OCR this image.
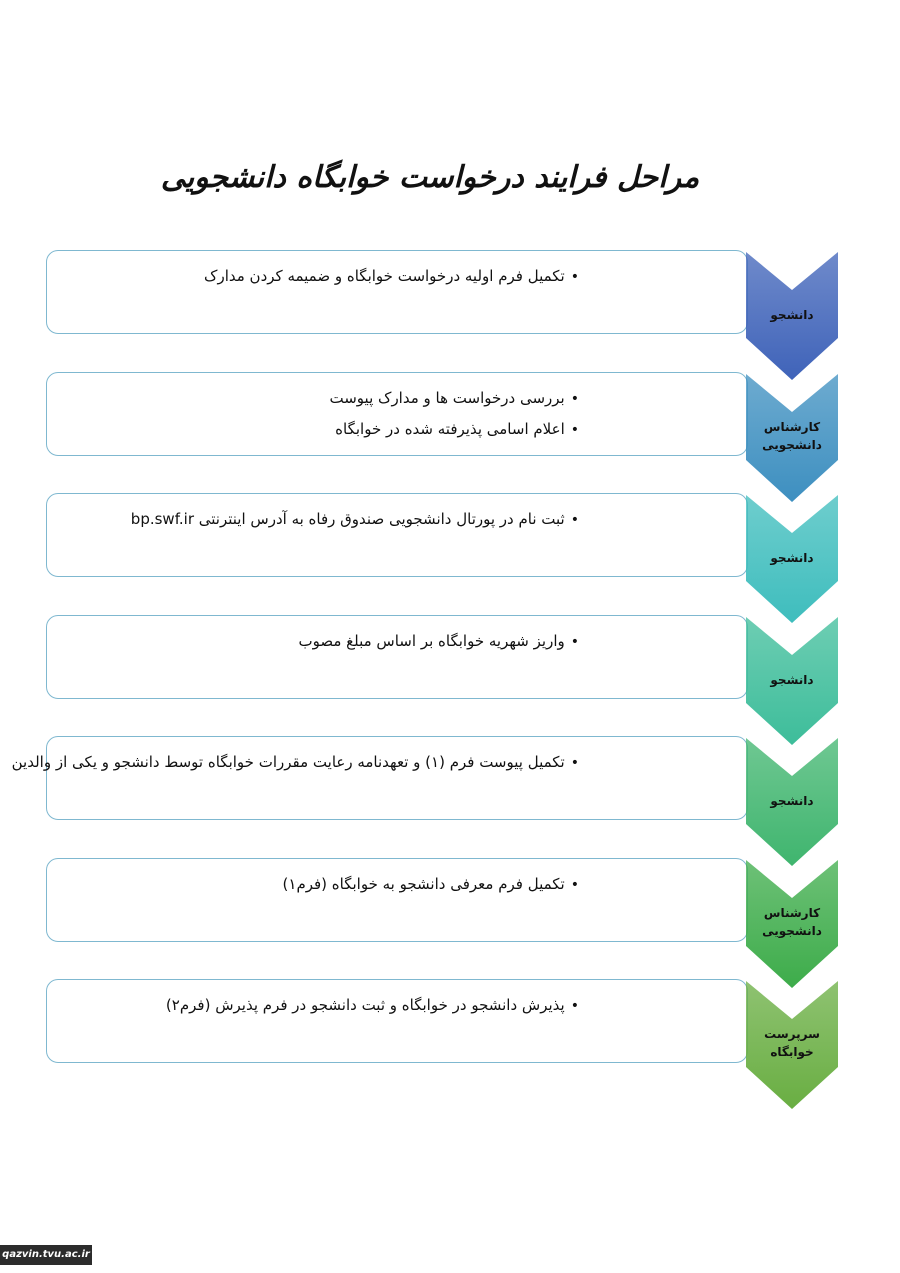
مراحل فرایند درخواست خوابگاه دانشجویی
• تکمیل فرم اولیه درخواست خوابگاه و ضمیمه کردن مدارک
دانشجو
• بررسی درخواست ها و مدارک پیوست
• اعلام اسامی پذیرفته شده در خوابگاه	کارشناس دانشجویی
• ثبت نام در پورتال دانشجویی صندوق رفاه به آدرس اینترنتی bp.swf.ir
دانشجو
• واریز شهریه خوابگاه بر اساس مبلغ مصوب
دانشجو
• تکمیل پیوست فرم (۱) و تعهدنامه رعایت مقررات خوابگاه توسط دانشجو و یکی از والدین
دانشجو
• تکمیل فرم معرفی دانشجو به خوابگاه (فرم۱)
کارشناس دانشجویی
• پذیرش دانشجو در خوابگاه و ثبت دانشجو در فرم پذیرش (فرم۲)
سرپرست خوابگاه
qazvin.tvu.ac.ir
